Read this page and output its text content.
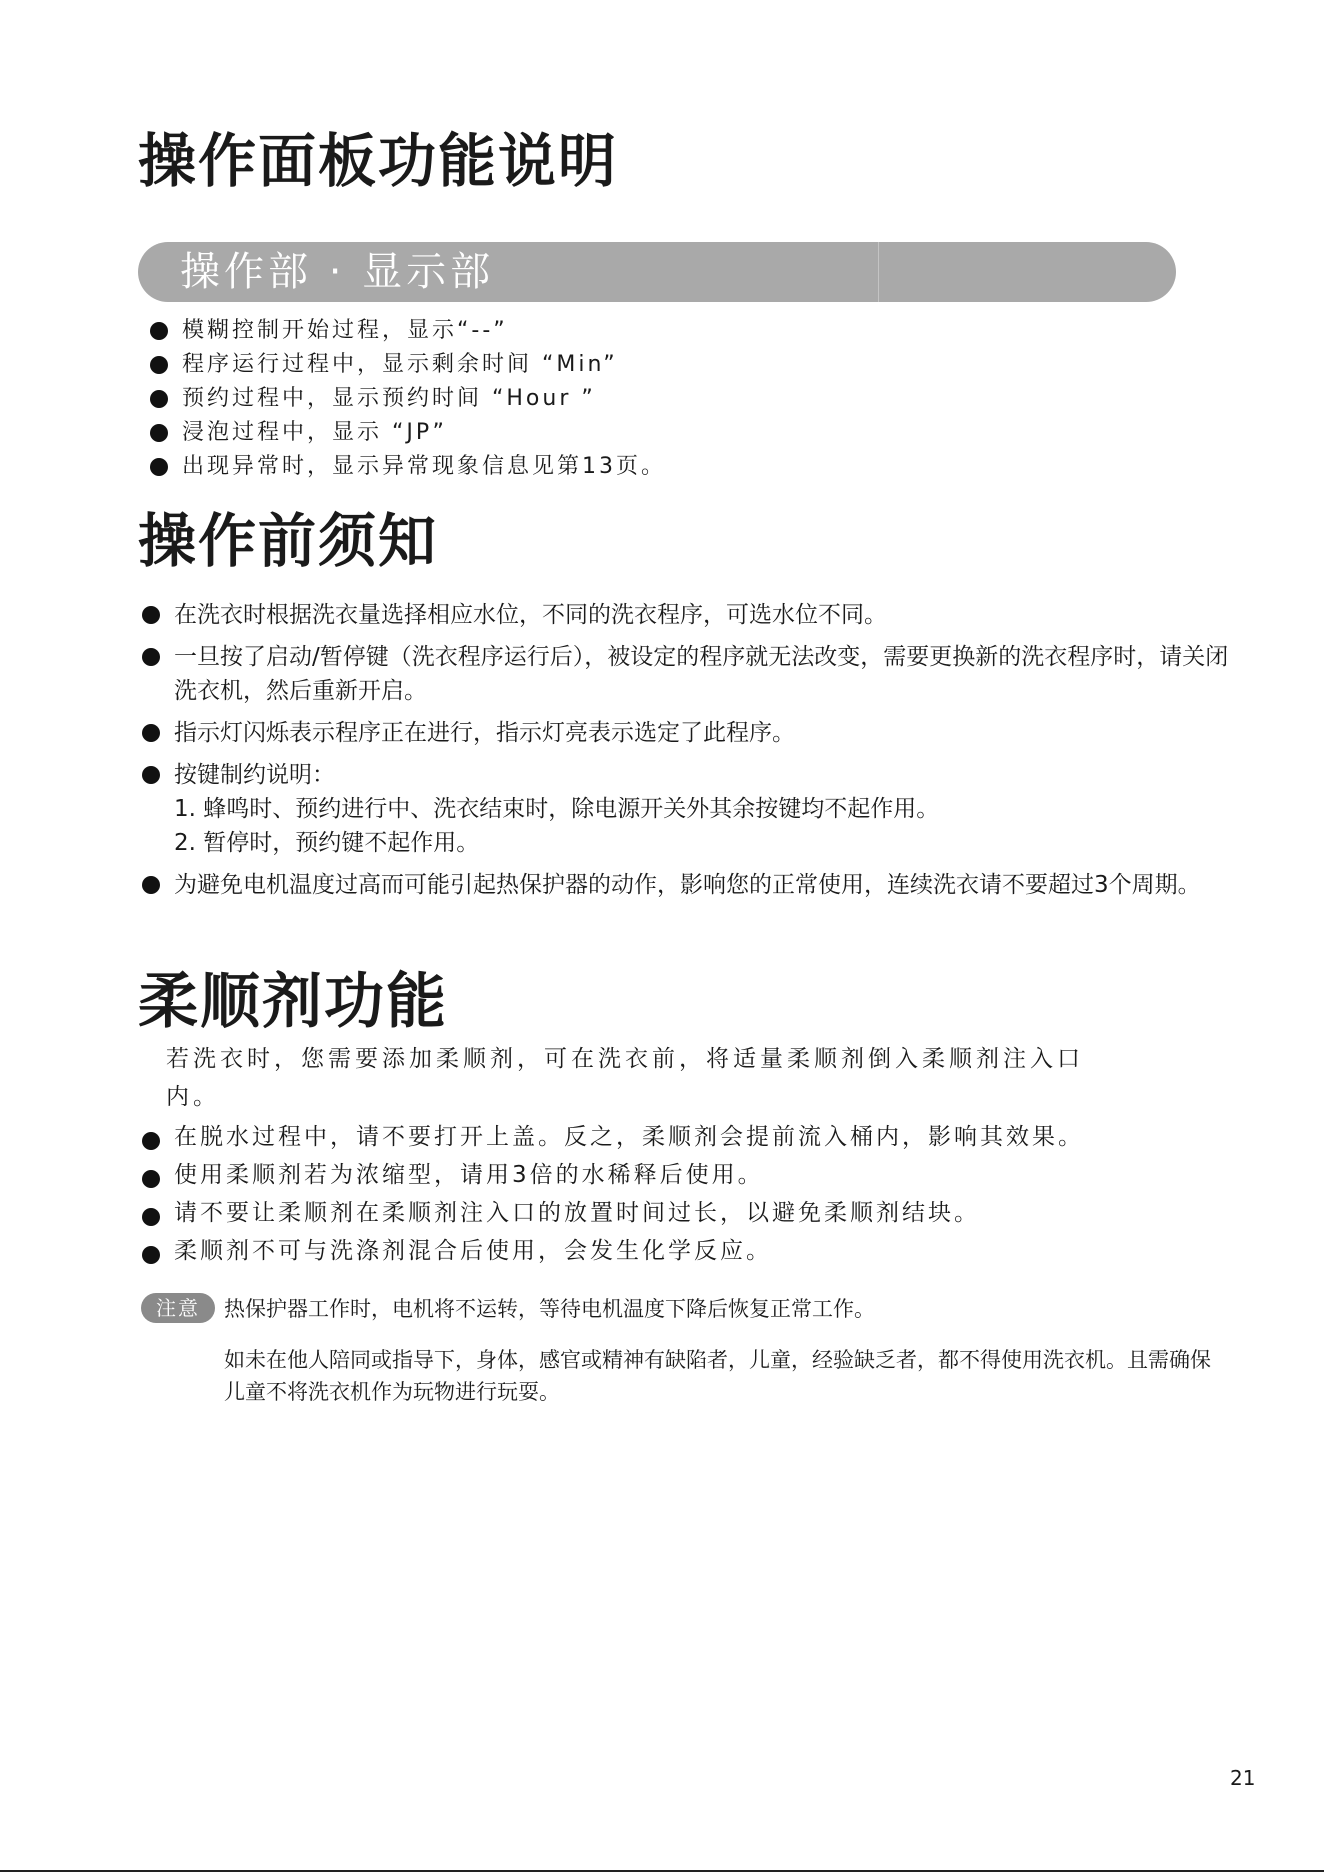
操作面板功能说明
操作部 · 显示部
模糊控制开始过程，显示“--”
程序运行过程中，显示剩余时间 “Min”
预约过程中，显示预约时间 “Hour ”
浸泡过程中，显示 “JP”
出现异常时，显示异常现象信息见第13页。
操作前须知
在洗衣时根据洗衣量选择相应水位，不同的洗衣程序，可选水位不同。
一旦按了启动/暂停键（洗衣程序运行后），被设定的程序就无法改变，需要更换新的洗衣程序时，请关闭洗衣机，然后重新开启。
指示灯闪烁表示程序正在进行，指示灯亮表示选定了此程序。
按键制约说明：
1. 蜂鸣时、预约进行中、洗衣结束时，除电源开关外其余按键均不起作用。
2. 暂停时，预约键不起作用。
为避免电机温度过高而可能引起热保护器的动作，影响您的正常使用，连续洗衣请不要超过3个周期。
柔顺剂功能

若洗衣时，您需要添加柔顺剂，可在洗衣前，将适量柔顺剂倒入柔顺剂注入口内。

在脱水过程中，请不要打开上盖。反之，柔顺剂会提前流入桶内，影响其效果。
使用柔顺剂若为浓缩型，请用3倍的水稀释后使用。
请不要让柔顺剂在柔顺剂注入口的放置时间过长，以避免柔顺剂结块。
柔顺剂不可与洗涤剂混合后使用，会发生化学反应。
注意	热保护器工作时，电机将不运转，等待电机温度下降后恢复正常工作。

如未在他人陪同或指导下，身体，感官或精神有缺陷者，儿童，经验缺乏者，都不得使用洗衣机。且需确保儿童不将洗衣机作为玩物进行玩耍。

21
